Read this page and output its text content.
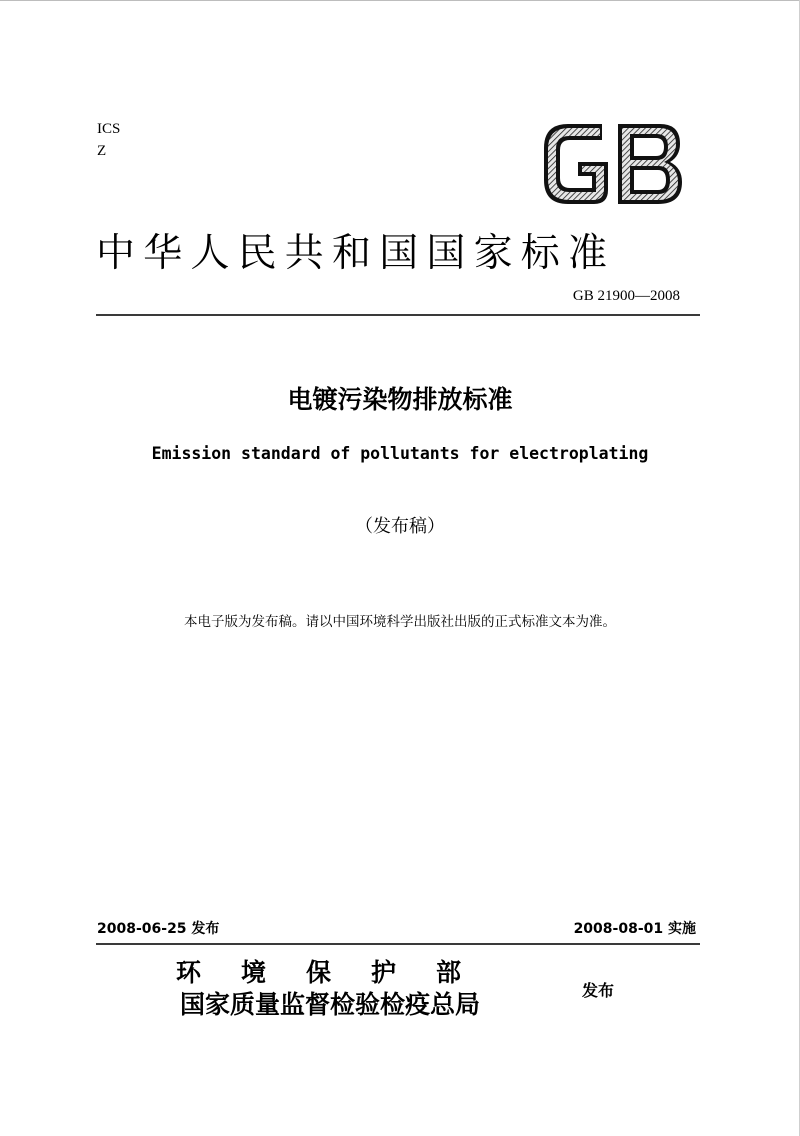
ICS
Z
中华人民共和国国家标准
GB 21900—2008
电镀污染物排放标准
Emission standard of pollutants for electroplating
（发布稿）
本电子版为发布稿。请以中国环境科学出版社出版的正式标准文本为准。
2008-06-25 发布	2008-08-01 实施
环境保护部
国家质量监督检验检疫总局	发布
